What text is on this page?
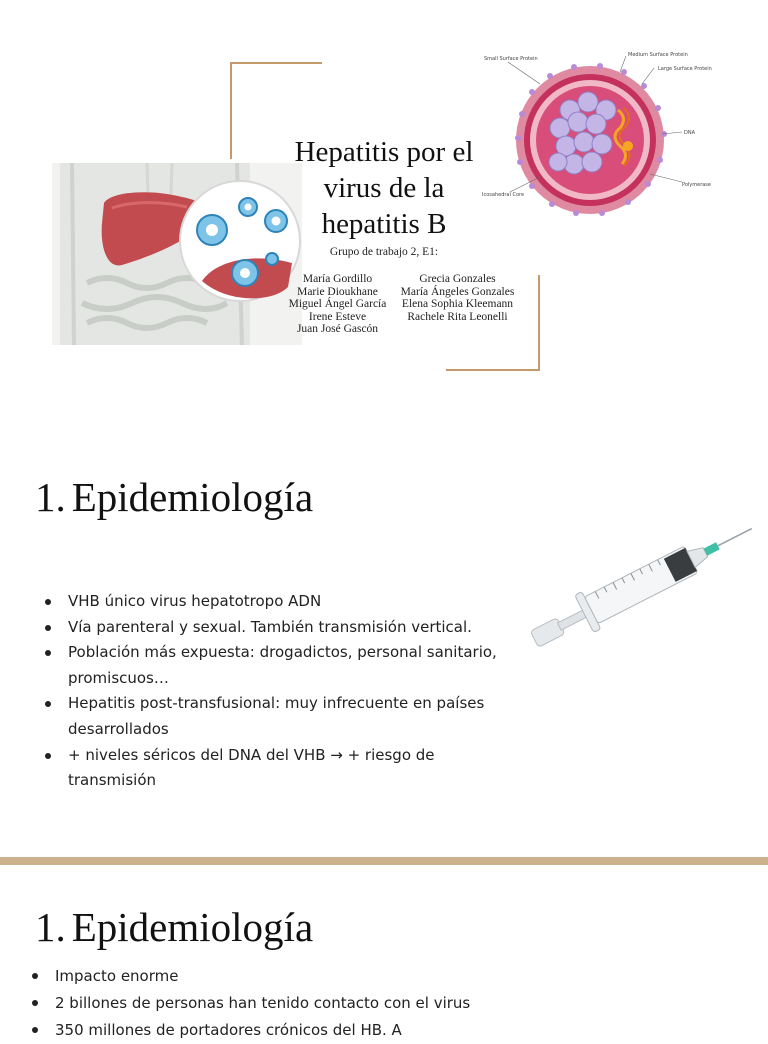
Hepatitis por el
virus de la
hepatitis B
Grupo de trabajo 2, E1:
María Gordillo	Grecia Gonzales
Marie Dioukhane	María Ángeles Gonzales
Miguel Ángel García	Elena Sophia Kleemann
Irene Esteve	Rachele Rita Leonelli
Juan José Gascón
Small Surface Protein
Medium Surface Protein
Large Surface Protein
DNA
Polymerase
Icosahedral Core
1. Epidemiología
VHB único virus hepatotropo ADN
Vía parenteral y sexual. También transmisión vertical.
Población más expuesta: drogadictos, personal sanitario, promiscuos…
Hepatitis post-transfusional: muy infrecuente en países desarrollados
+ niveles séricos del DNA del VHB → + riesgo de transmisión
1. Epidemiología
Impacto enorme
2 billones de personas han tenido contacto con el virus
350 millones de portadores crónicos del HB. A
